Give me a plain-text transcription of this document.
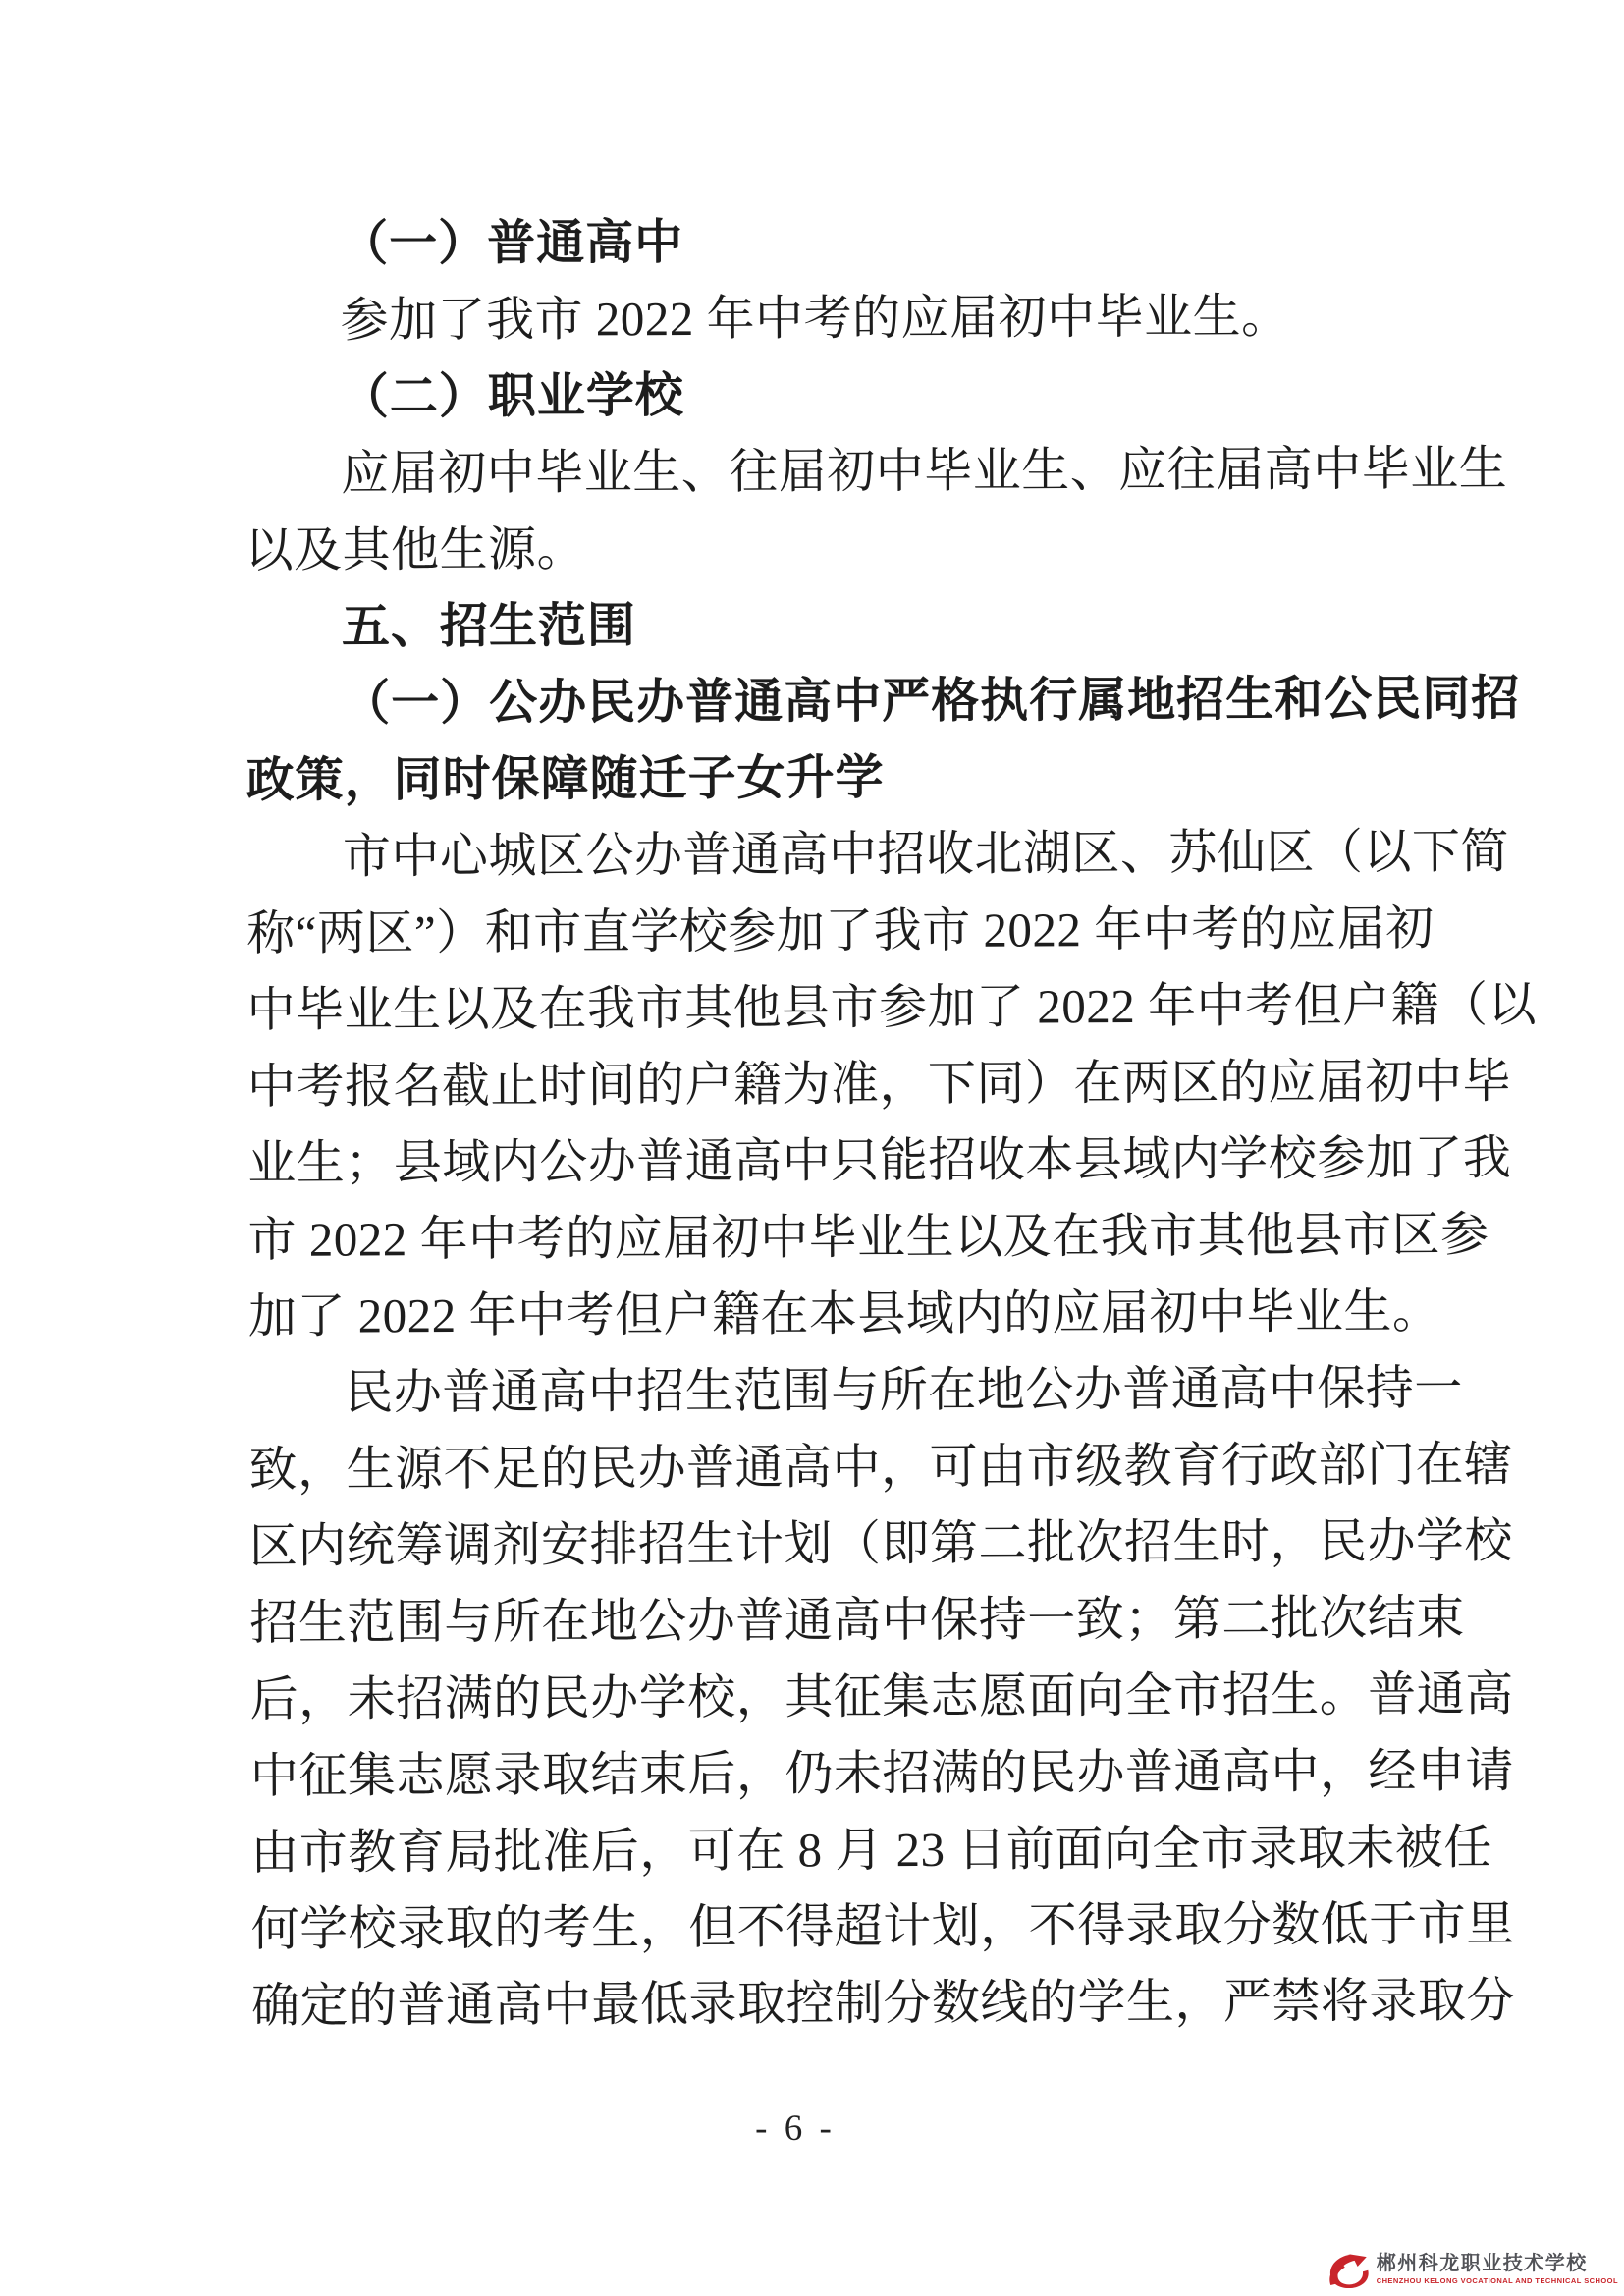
（一）普通高中
参加了我市 2022 年中考的应届初中毕业生。
（二）职业学校
应届初中毕业生、往届初中毕业生、应往届高中毕业生
以及其他生源。
五、招生范围
（一）公办民办普通高中严格执行属地招生和公民同招
政策，同时保障随迁子女升学
市中心城区公办普通高中招收北湖区、苏仙区（以下简
称“两区”）和市直学校参加了我市 2022 年中考的应届初
中毕业生以及在我市其他县市参加了 2022 年中考但户籍（以
中考报名截止时间的户籍为准，下同）在两区的应届初中毕
业生；县域内公办普通高中只能招收本县域内学校参加了我
市 2022 年中考的应届初中毕业生以及在我市其他县市区参
加了 2022 年中考但户籍在本县域内的应届初中毕业生。
民办普通高中招生范围与所在地公办普通高中保持一
致，生源不足的民办普通高中，可由市级教育行政部门在辖
区内统筹调剂安排招生计划（即第二批次招生时，民办学校
招生范围与所在地公办普通高中保持一致；第二批次结束
后，未招满的民办学校，其征集志愿面向全市招生。普通高
中征集志愿录取结束后，仍未招满的民办普通高中，经申请
由市教育局批准后，可在 8 月 23 日前面向全市录取未被任
何学校录取的考生，但不得超计划，不得录取分数低于市里
确定的普通高中最低录取控制分数线的学生，严禁将录取分
- 6 -
郴州科龙职业技术学校
CHENZHOU KELONG VOCATIONAL AND TECHNICAL SCHOOL
